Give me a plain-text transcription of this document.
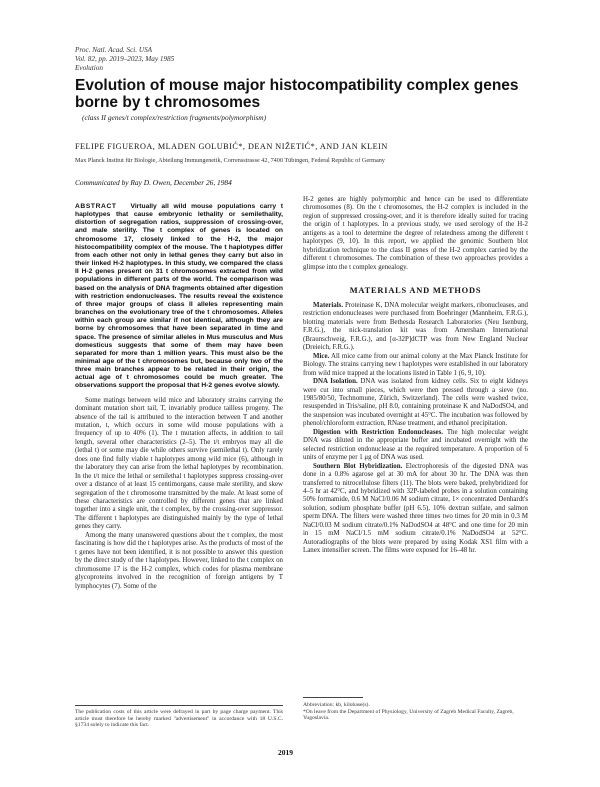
Proc. Natl. Acad. Sci. USA
Vol. 82, pp. 2019–2023, May 1985
Evolution
Evolution of mouse major histocompatibility complex genes borne by t chromosomes
(class II genes/t complex/restriction fragments/polymorphism)
FELIPE FIGUEROA, MLADEN GOLUBIĆ*, DEAN NIŽETIĆ*, AND JAN KLEIN
Max Planck Institut für Biologie, Abteilung Immungenetik, Corrensstrasse 42, 7400 Tübingen, Federal Republic of Germany
Communicated by Ray D. Owen, December 26, 1984

ABSTRACT Virtually all wild mouse populations carry t haplotypes that cause embryonic lethality or semilethality, distortion of segregation ratios, suppression of crossing-over, and male sterility. The t complex of genes is located on chromosome 17, closely linked to the H-2, the major histocompatibility complex of the mouse. The t haplotypes differ from each other not only in lethal genes they carry but also in their linked H-2 haplotypes. In this study, we compared the class II H-2 genes present on 31 t chromosomes extracted from wild populations in different parts of the world. The comparison was based on the analysis of DNA fragments obtained after digestion with restriction endonucleases. The results reveal the existence of three major groups of class II alleles representing main branches on the evolutionary tree of the t chromosomes. Alleles within each group are similar if not identical, although they are borne by chromosomes that have been separated in time and space. The presence of similar alleles in Mus musculus and Mus domesticus suggests that some of them may have been separated for more than 1 million years. This must also be the minimal age of the t chromosomes but, because only two of the three main branches appear to be related in their origin, the actual age of t chromosomes could be much greater. The observations support the proposal that H-2 genes evolve slowly.

Some matings between wild mice and laboratory strains carrying the dominant mutation short tail, T, invariably produce tailless progeny. The absence of the tail is attributed to the interaction between T and another mutation, t, which occurs in some wild mouse populations with a frequency of up to 40% (1). The t mutation affects, in addition to tail length, several other characteristics (2–5). The t/t embryos may all die (lethal t) or some may die while others survive (semilethal t). Only rarely does one find fully viable t haplotypes among wild mice (6), although in the laboratory they can arise from the lethal haplotypes by recombination. In the t/t mice the lethal or semilethal t haplotypes suppress crossing-over over a distance of at least 15 centimorgans, cause male sterility, and skew segregation of the t chromosome transmitted by the male. At least some of these characteristics are controlled by different genes that are linked together into a single unit, the t complex, by the crossing-over suppressor. The different t haplotypes are distinguished mainly by the type of lethal genes they carry.

Among the many unanswered questions about the t complex, the most fascinating is how did the t haplotypes arise. As the products of most of the t genes have not been identified, it is not possible to answer this question by the direct study of the t haplotypes. However, linked to the t complex on chromosome 17 is the H-2 complex, which codes for plasma membrane glycoproteins involved in the recognition of foreign antigens by T lymphocytes (7). Some of the

The publication costs of this article were defrayed in part by page charge payment. This article must therefore be hereby marked "advertisement" in accordance with 18 U.S.C. §1734 solely to indicate this fact.

H-2 genes are highly polymorphic and hence can be used to differentiate chromosomes (8). On the t chromosomes, the H-2 complex is included in the region of suppressed crossing-over, and it is therefore ideally suited for tracing the origin of t haplotypes. In a previous study, we used serology of the H-2 antigens as a tool to determine the degree of relatedness among the different t haplotypes (9, 10). In this report, we applied the genomic Southern blot hybridization technique to the class II genes of the H-2 complex carried by the different t chromosomes. The combination of these two approaches provides a glimpse into the t complex genealogy.

MATERIALS AND METHODS

Materials. Proteinase K, DNA molecular weight markers, ribonucleases, and restriction endonucleases were purchased from Boehringer (Mannheim, F.R.G.), blotting materials were from Bethesda Research Laboratories (Neu Isenburg, F.R.G.), the nick-translation kit was from Amersham International (Braunschweig, F.R.G.), and [α-32P]dCTP was from New England Nuclear (Dreieich, F.R.G.).

Mice. All mice came from our animal colony at the Max Planck Institute for Biology. The strains carrying new t haplotypes were established in our laboratory from wild mice trapped at the locations listed in Table 1 (6, 9, 10).

DNA Isolation. DNA was isolated from kidney cells. Six to eight kidneys were cut into small pieces, which were then pressed through a sieve (no. 1985/80/50, Technomune, Zürich, Switzerland). The cells were washed twice, resuspended in Tris/saline, pH 8.0, containing proteinase K and NaDodSO4, and the suspension was incubated overnight at 45°C. The incubation was followed by phenol/chloroform extraction, RNase treatment, and ethanol precipitation.

Digestion with Restriction Endonucleases. The high molecular weight DNA was diluted in the appropriate buffer and incubated overnight with the selected restriction endonuclease at the required temperature. A proportion of 6 units of enzyme per 1 μg of DNA was used.

Southern Blot Hybridization. Electrophoresis of the digested DNA was done in a 0.8% agarose gel at 30 mA for about 30 hr. The DNA was then transferred to nitrocellulose filters (11). The blots were baked, prehybridized for 4–5 hr at 42°C, and hybridized with 32P-labeled probes in a solution containing 50% formamide, 0.6 M NaCl/0.06 M sodium citrate, 1× concentrated Denhardt's solution, sodium phosphate buffer (pH 6.5), 10% dextran sulfate, and salmon sperm DNA. The filters were washed three times two times for 20 min in 0.3 M NaCl/0.03 M sodium citrate/0.1% NaDodSO4 at 48°C and one time for 20 min in 15 mM NaCl/1.5 mM sodium citrate/0.1% NaDodSO4 at 52°C. Autoradiographs of the blots were prepared by using Kodak XS1 film with a Lanex intensifier screen. The films were exposed for 16–48 hr.

Abbreviation: kb, kilobase(s).

*On leave from the Department of Physiology, University of Zagreb Medical Faculty, Zagreb, Yugoslavia.

2019
